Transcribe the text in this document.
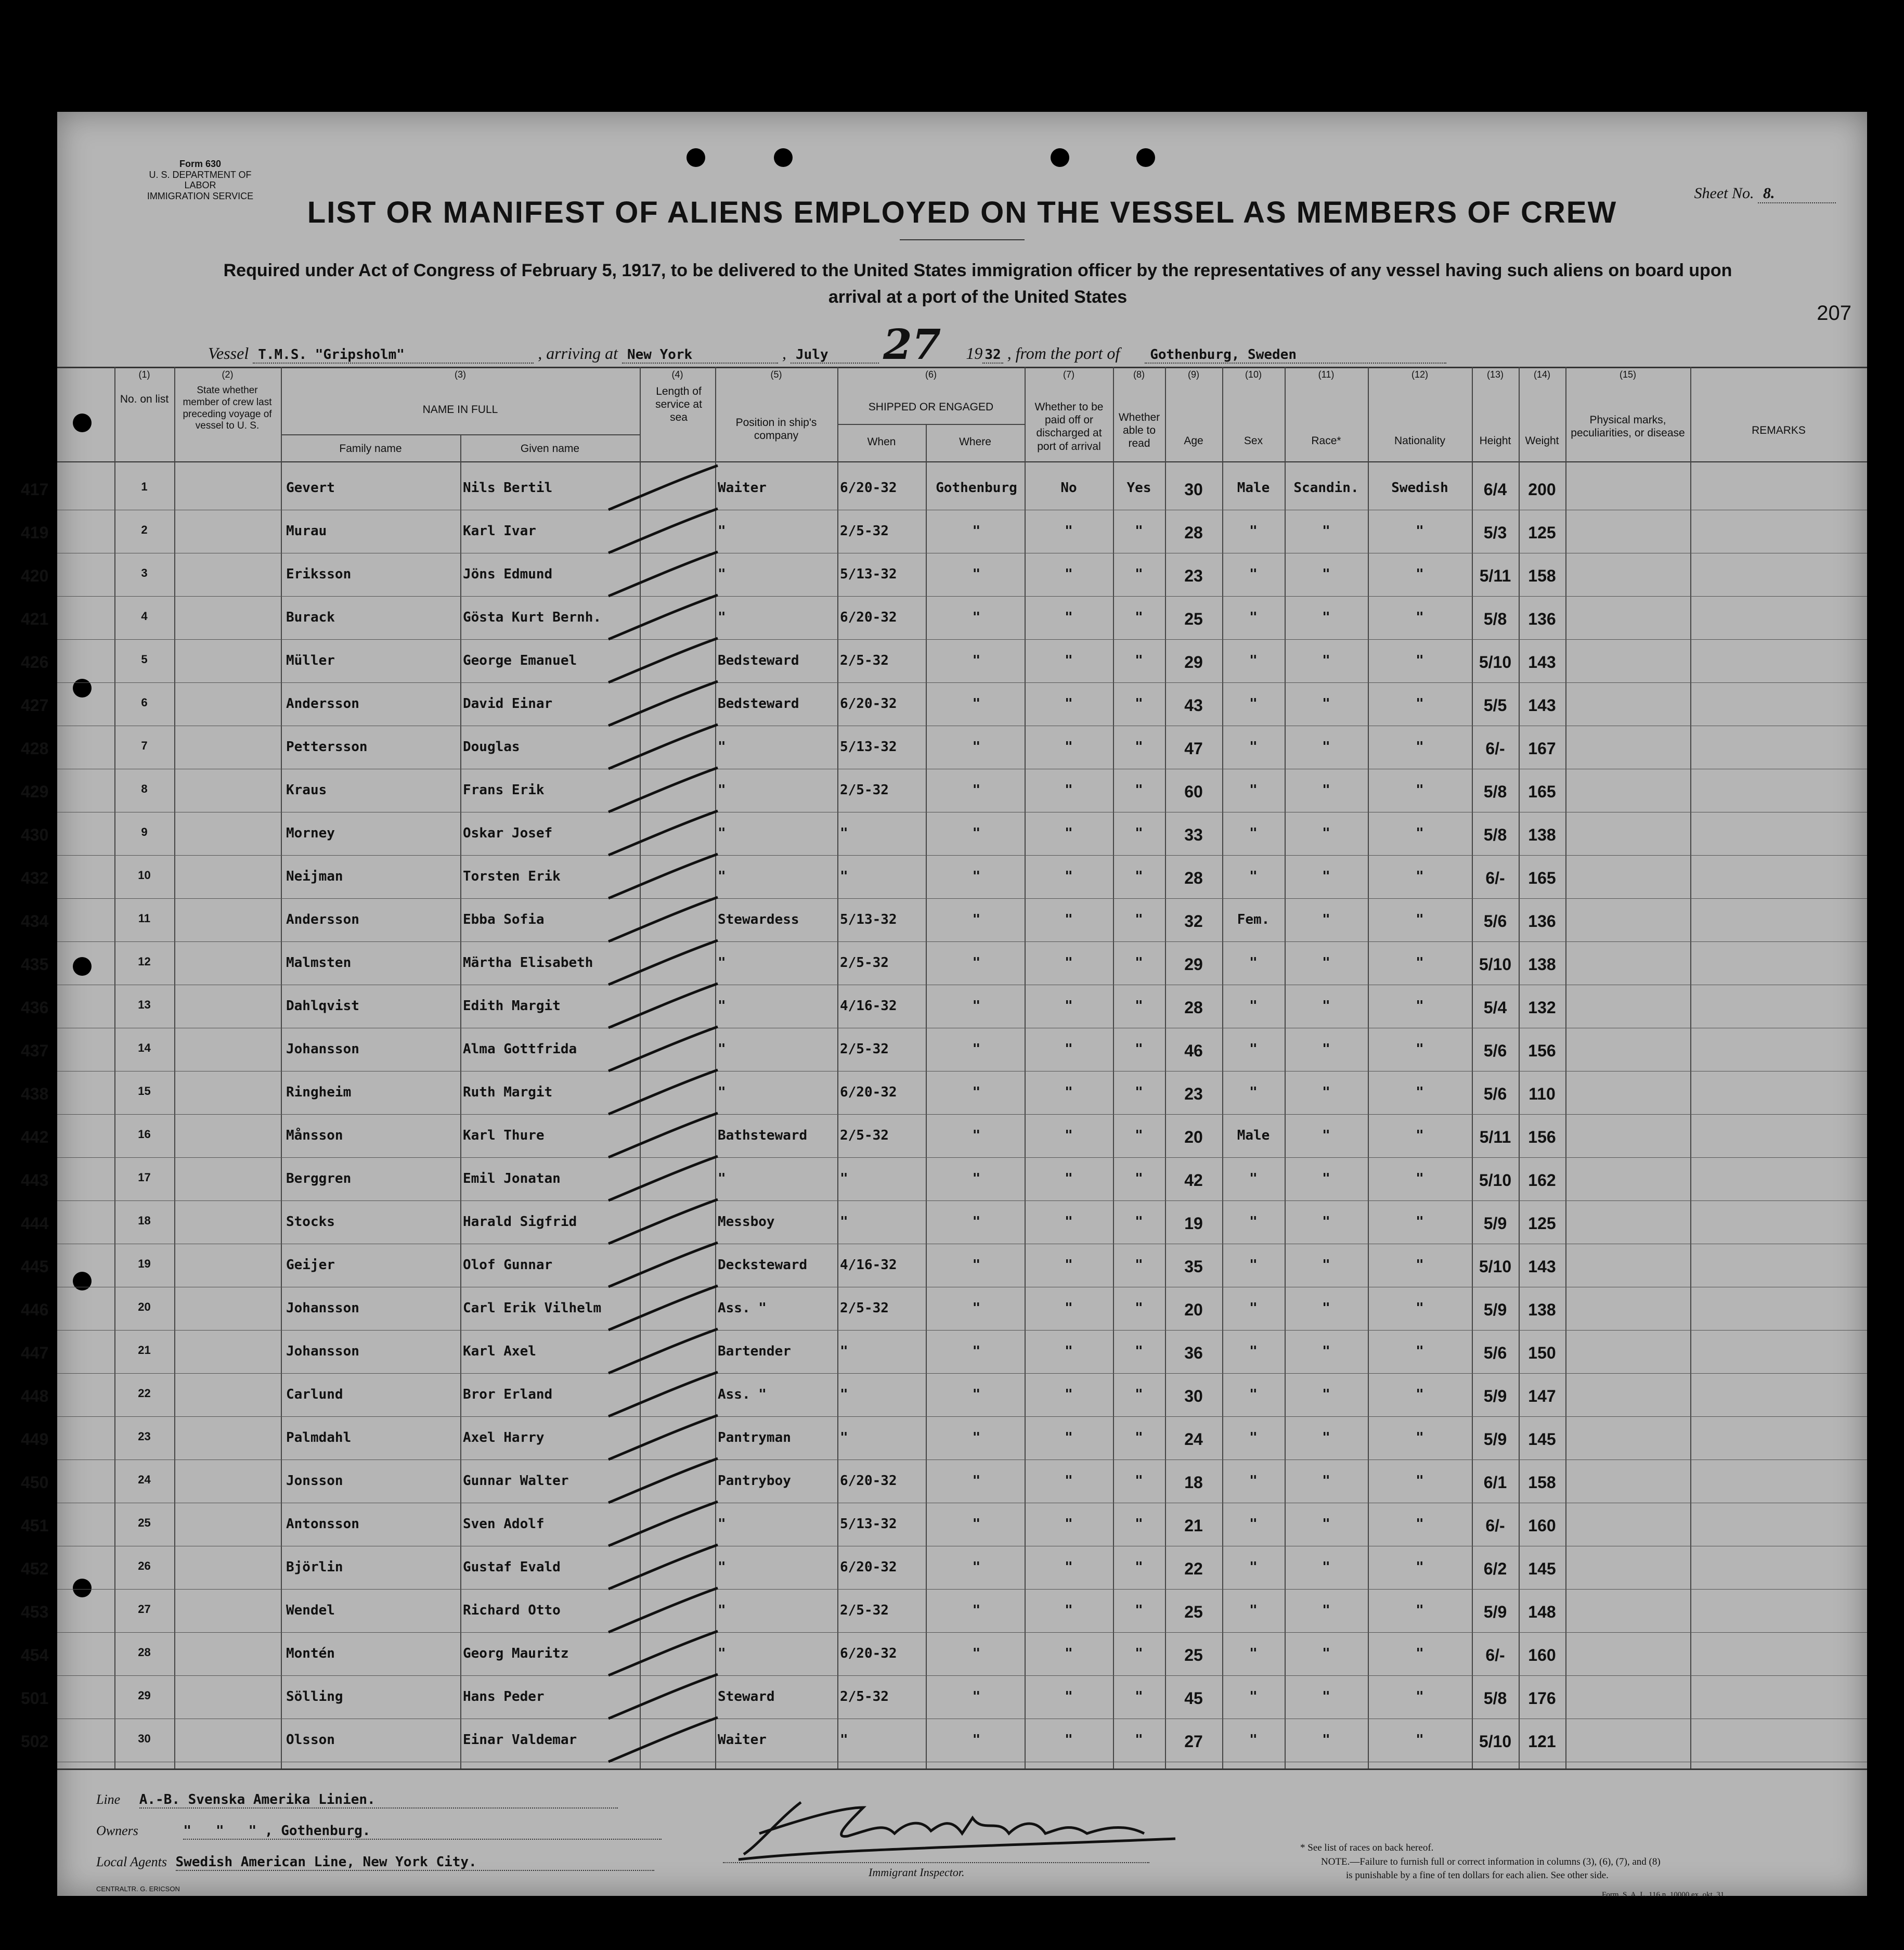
Form 630
U. S. DEPARTMENT OF LABOR
IMMIGRATION SERVICE	Sheet No. 8.
LIST OR MANIFEST OF ALIENS EMPLOYED ON THE VESSEL AS MEMBERS OF CREW
Required under Act of Congress of February 5, 1917, to be delivered to the United States immigration officer by the representatives of any vessel having such aliens on board upon
arrival at a port of the United States
207
Vessel T.M.S. "Gripsholm"	, arriving at New York	, July 27 19 32 , from the port of Gothenburg, Sweden
(1)
No. on list
(2)
State whether member of crew last preceding voyage of vessel to U. S.
(3)
NAME IN FULL
Family name	Given name
(4)
Length of service at sea
(5)
Position in ship's company
(6)
SHIPPED OR ENGAGED
When	Where
(7)
Whether to be paid off or discharged at port of arrival
(8)
Whether able to read
(9)
Age
(10)
Sex
(11)
Race*
(12)
Nationality
(13)
Height
(14)
Weight
(15)
Physical marks, peculiarities, or disease	REMARKS
417	1	Gevert	Nils Bertil	Waiter	6/20-32	Gothenburg	No	Yes	30	Male	Scandin.	Swedish	6/4	200
419	2	Murau	Karl Ivar	"	2/5-32	"	"	"	28	"	"	"	5/3	125
420	3	Eriksson	Jöns Edmund	"	5/13-32	"	"	"	23	"	"	"	5/11	158
421	4	Burack	Gösta Kurt Bernh.	"	6/20-32	"	"	"	25	"	"	"	5/8	136
426	5	Müller	George Emanuel	Bedsteward	2/5-32	"	"	"	29	"	"	"	5/10	143
427	6	Andersson	David Einar	Bedsteward	6/20-32	"	"	"	43	"	"	"	5/5	143
428	7	Pettersson	Douglas	"	5/13-32	"	"	"	47	"	"	"	6/-	167
429	8	Kraus	Frans Erik	"	2/5-32	"	"	"	60	"	"	"	5/8	165
430	9	Morney	Oskar Josef	"	"	"	"	"	33	"	"	"	5/8	138
432	10	Neijman	Torsten Erik	"	"	"	"	"	28	"	"	"	6/-	165
434	11	Andersson	Ebba Sofia	Stewardess	5/13-32	"	"	"	32	Fem.	"	"	5/6	136
435	12	Malmsten	Märtha Elisabeth	"	2/5-32	"	"	"	29	"	"	"	5/10	138
436	13	Dahlqvist	Edith Margit	"	4/16-32	"	"	"	28	"	"	"	5/4	132
437	14	Johansson	Alma Gottfrida	"	2/5-32	"	"	"	46	"	"	"	5/6	156
438	15	Ringheim	Ruth Margit	"	6/20-32	"	"	"	23	"	"	"	5/6	110
442	16	Månsson	Karl Thure	Bathsteward 2/5-32	"	"	"	20	Male	"	"	5/11	156
443	17	Berggren	Emil Jonatan	"	"	"	"	"	42	"	"	"	5/10	162
444	18	Stocks	Harald Sigfrid	Messboy	"	"	"	"	19	"	"	"	5/9	125
445	19	Geijer	Olof Gunnar	Decksteward 4/16-32	"	"	"	35	"	"	"	5/10	143
446	20	Johansson	Carl Erik Vilhelm	Ass. "	2/5-32	"	"	"	20	"	"	"	5/9	138
447	21	Johansson	Karl Axel	Bartender	"	"	"	"	36	"	"	"	5/6	150
448	22	Carlund	Bror Erland	Ass. "	"	"	"	"	30	"	"	"	5/9	147
449	23	Palmdahl	Axel Harry	Pantryman	"	"	"	"	24	"	"	"	5/9	145
450	24	Jonsson	Gunnar Walter	Pantryboy	6/20-32	"	"	"	18	"	"	"	6/1	158
451	25	Antonsson	Sven Adolf	"	5/13-32	"	"	"	21	"	"	"	6/-	160
452	26	Björlin	Gustaf Evald	"	6/20-32	"	"	"	22	"	"	"	6/2	145
453	27	Wendel	Richard Otto	"	2/5-32	"	"	"	25	"	"	"	5/9	148
454	28	Montén	Georg Mauritz	"	6/20-32	"	"	"	25	"	"	"	6/-	160
501	29	Sölling	Hans Peder	Steward	2/5-32	"	"	"	45	"	"	"	5/8	176
502	30	Olsson	Einar Valdemar	Waiter	"	"	"	"	27	"	"	"	5/10	121
Line A.-B. Svenska Amerika Linien.
Owners	"   "   " , Gothenburg.
Local Agents Swedish American Line, New York City.
CENTRALTR. G. ERICSON
Immigrant Inspector.
* See list of races on back hereof.
NOTE.—Failure to furnish full or correct information in columns (3), (6), (7), and (8)
is punishable by a fine of ten dollars for each alien. See other side.
Form. S. A. L. 116 n. 10000 ex. okt. 31.
